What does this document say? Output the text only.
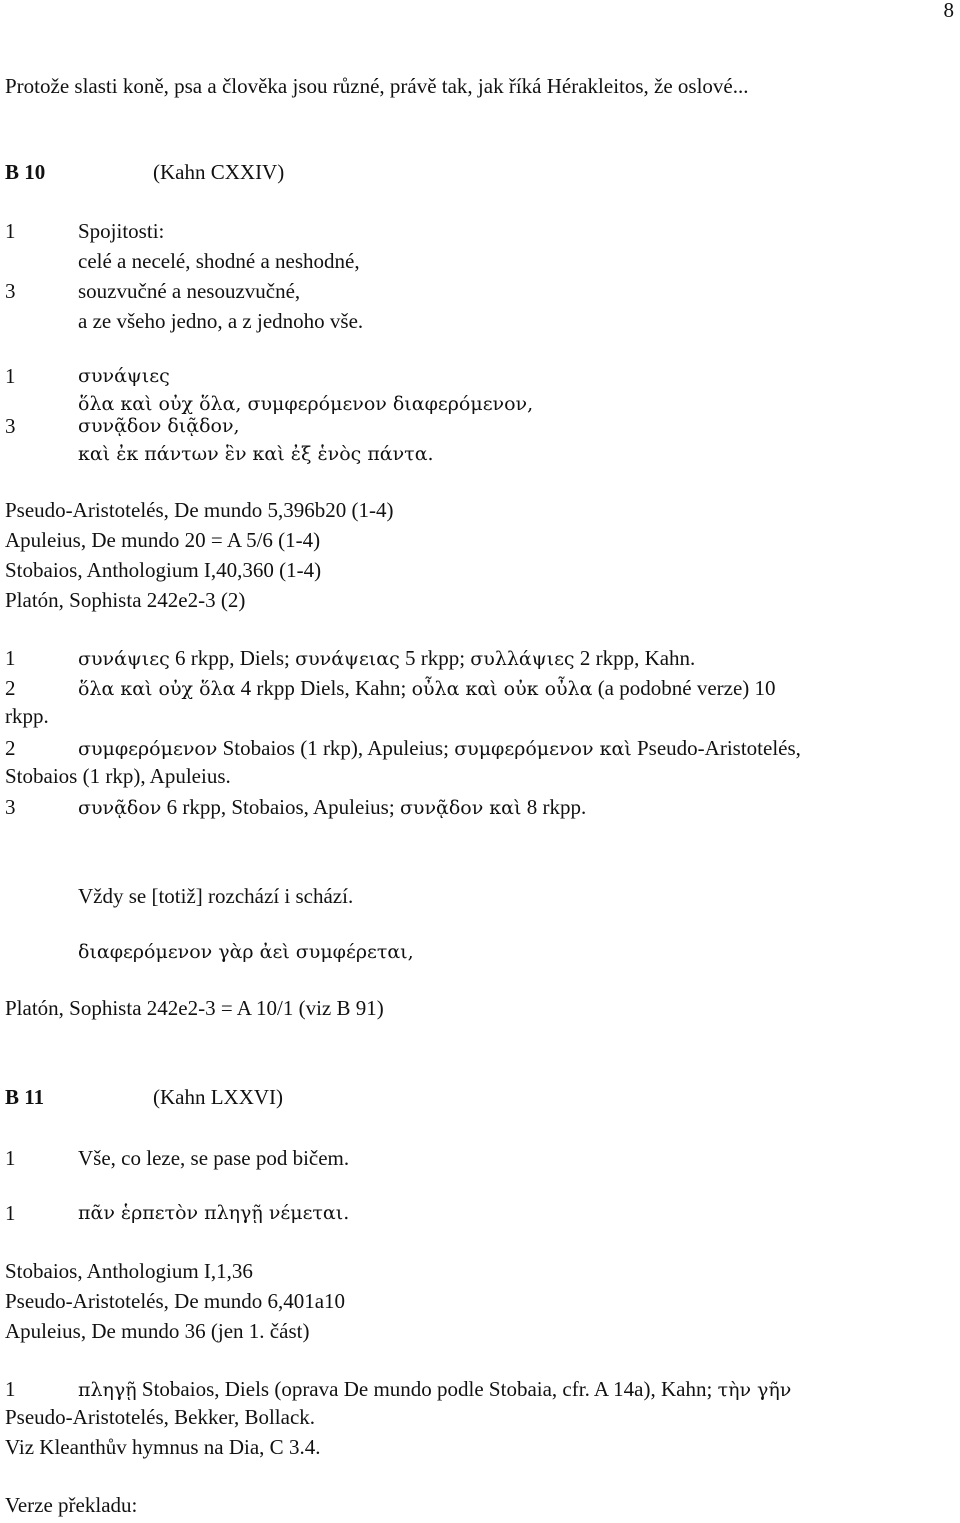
8
Protože slasti koně, psa a člověka jsou různé, právě tak, jak říká Hérakleitos, že oslové...
B 10	(Kahn CXXIV)
1	Spojitosti:
celé a necelé, shodné a neshodné,
3	souzvučné a nesouzvučné,
a ze všeho jedno, a z jednoho vše.
1	συνάψιες
ὅλα καὶ οὐχ ὅλα, συμφερόμενον διαφερόμενον,
3	συνᾷδον διᾷδον,
καὶ ἐκ πάντων ἓν καὶ ἐξ ἑνὸς πάντα.
Pseudo-Aristotelés, De mundo 5,396b20 (1-4)
Apuleius, De mundo 20 = A 5/6 (1-4)
Stobaios, Anthologium I,40,360 (1-4)
Platón, Sophista 242e2-3 (2)
1	συνάψιες 6 rkpp, Diels; συνάψειας 5 rkpp; συλλάψιες 2 rkpp, Kahn.
2	ὅλα καὶ οὐχ ὅλα 4 rkpp Diels, Kahn; οὖλα καὶ οὐκ οὖλα (a podobné verze) 10
rkpp.
2	συμφερόμενον Stobaios (1 rkp), Apuleius; συμφερόμενον καὶ Pseudo-Aristotelés,
Stobaios (1 rkp), Apuleius.
3	συνᾷδον 6 rkpp, Stobaios, Apuleius; συνᾷδον καὶ 8 rkpp.
Vždy se [totiž] rozchází i schází.
διαφερόμενον γὰρ ἀεὶ συμφέρεται,
Platón, Sophista 242e2-3 = A 10/1 (viz B 91)
B 11	(Kahn LXXVI)
1	Vše, co leze, se pase pod bičem.
1	πᾶν ἑρπετὸν πληγῇ νέμεται.
Stobaios, Anthologium I,1,36
Pseudo-Aristotelés, De mundo 6,401a10
Apuleius, De mundo 36 (jen 1. část)
1	πληγῇ Stobaios, Diels (oprava De mundo podle Stobaia, cfr. A 14a), Kahn; τὴν γῆν
Pseudo-Aristotelés, Bekker, Bollack.
Viz Kleanthův hymnus na Dia, C 3.4.
Verze překladu:
